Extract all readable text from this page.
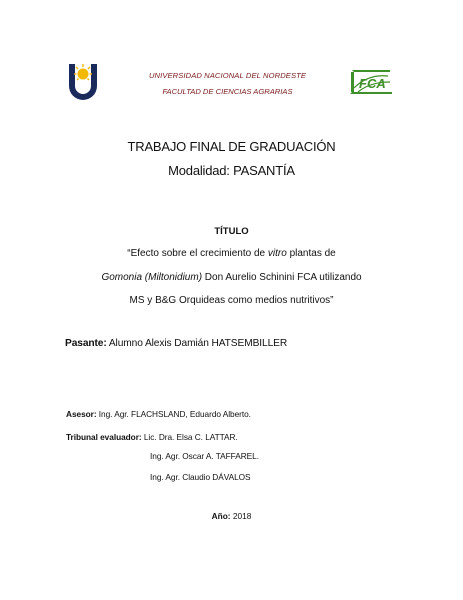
UNIVERSIDAD NACIONAL DEL NORDESTE
FACULTAD DE CIENCIAS AGRARIAS
FCA
TRABAJO FINAL DE GRADUACIÓN
Modalidad: PASANTÍA
TÍTULO
“Efecto sobre el crecimiento de vitro plantas de
Gomonia (Miltonidium) Don Aurelio Schinini FCA utilizando
MS y B&G Orquideas como medios nutritivos”
Pasante: Alumno Alexis Damián HATSEMBILLER
Asesor: Ing. Agr. FLACHSLAND, Eduardo Alberto.
Tribunal evaluador: Lic. Dra. Elsa C. LATTAR.
Ing. Agr. Oscar A. TAFFAREL.
Ing. Agr. Claudio DÁVALOS
Año: 2018
